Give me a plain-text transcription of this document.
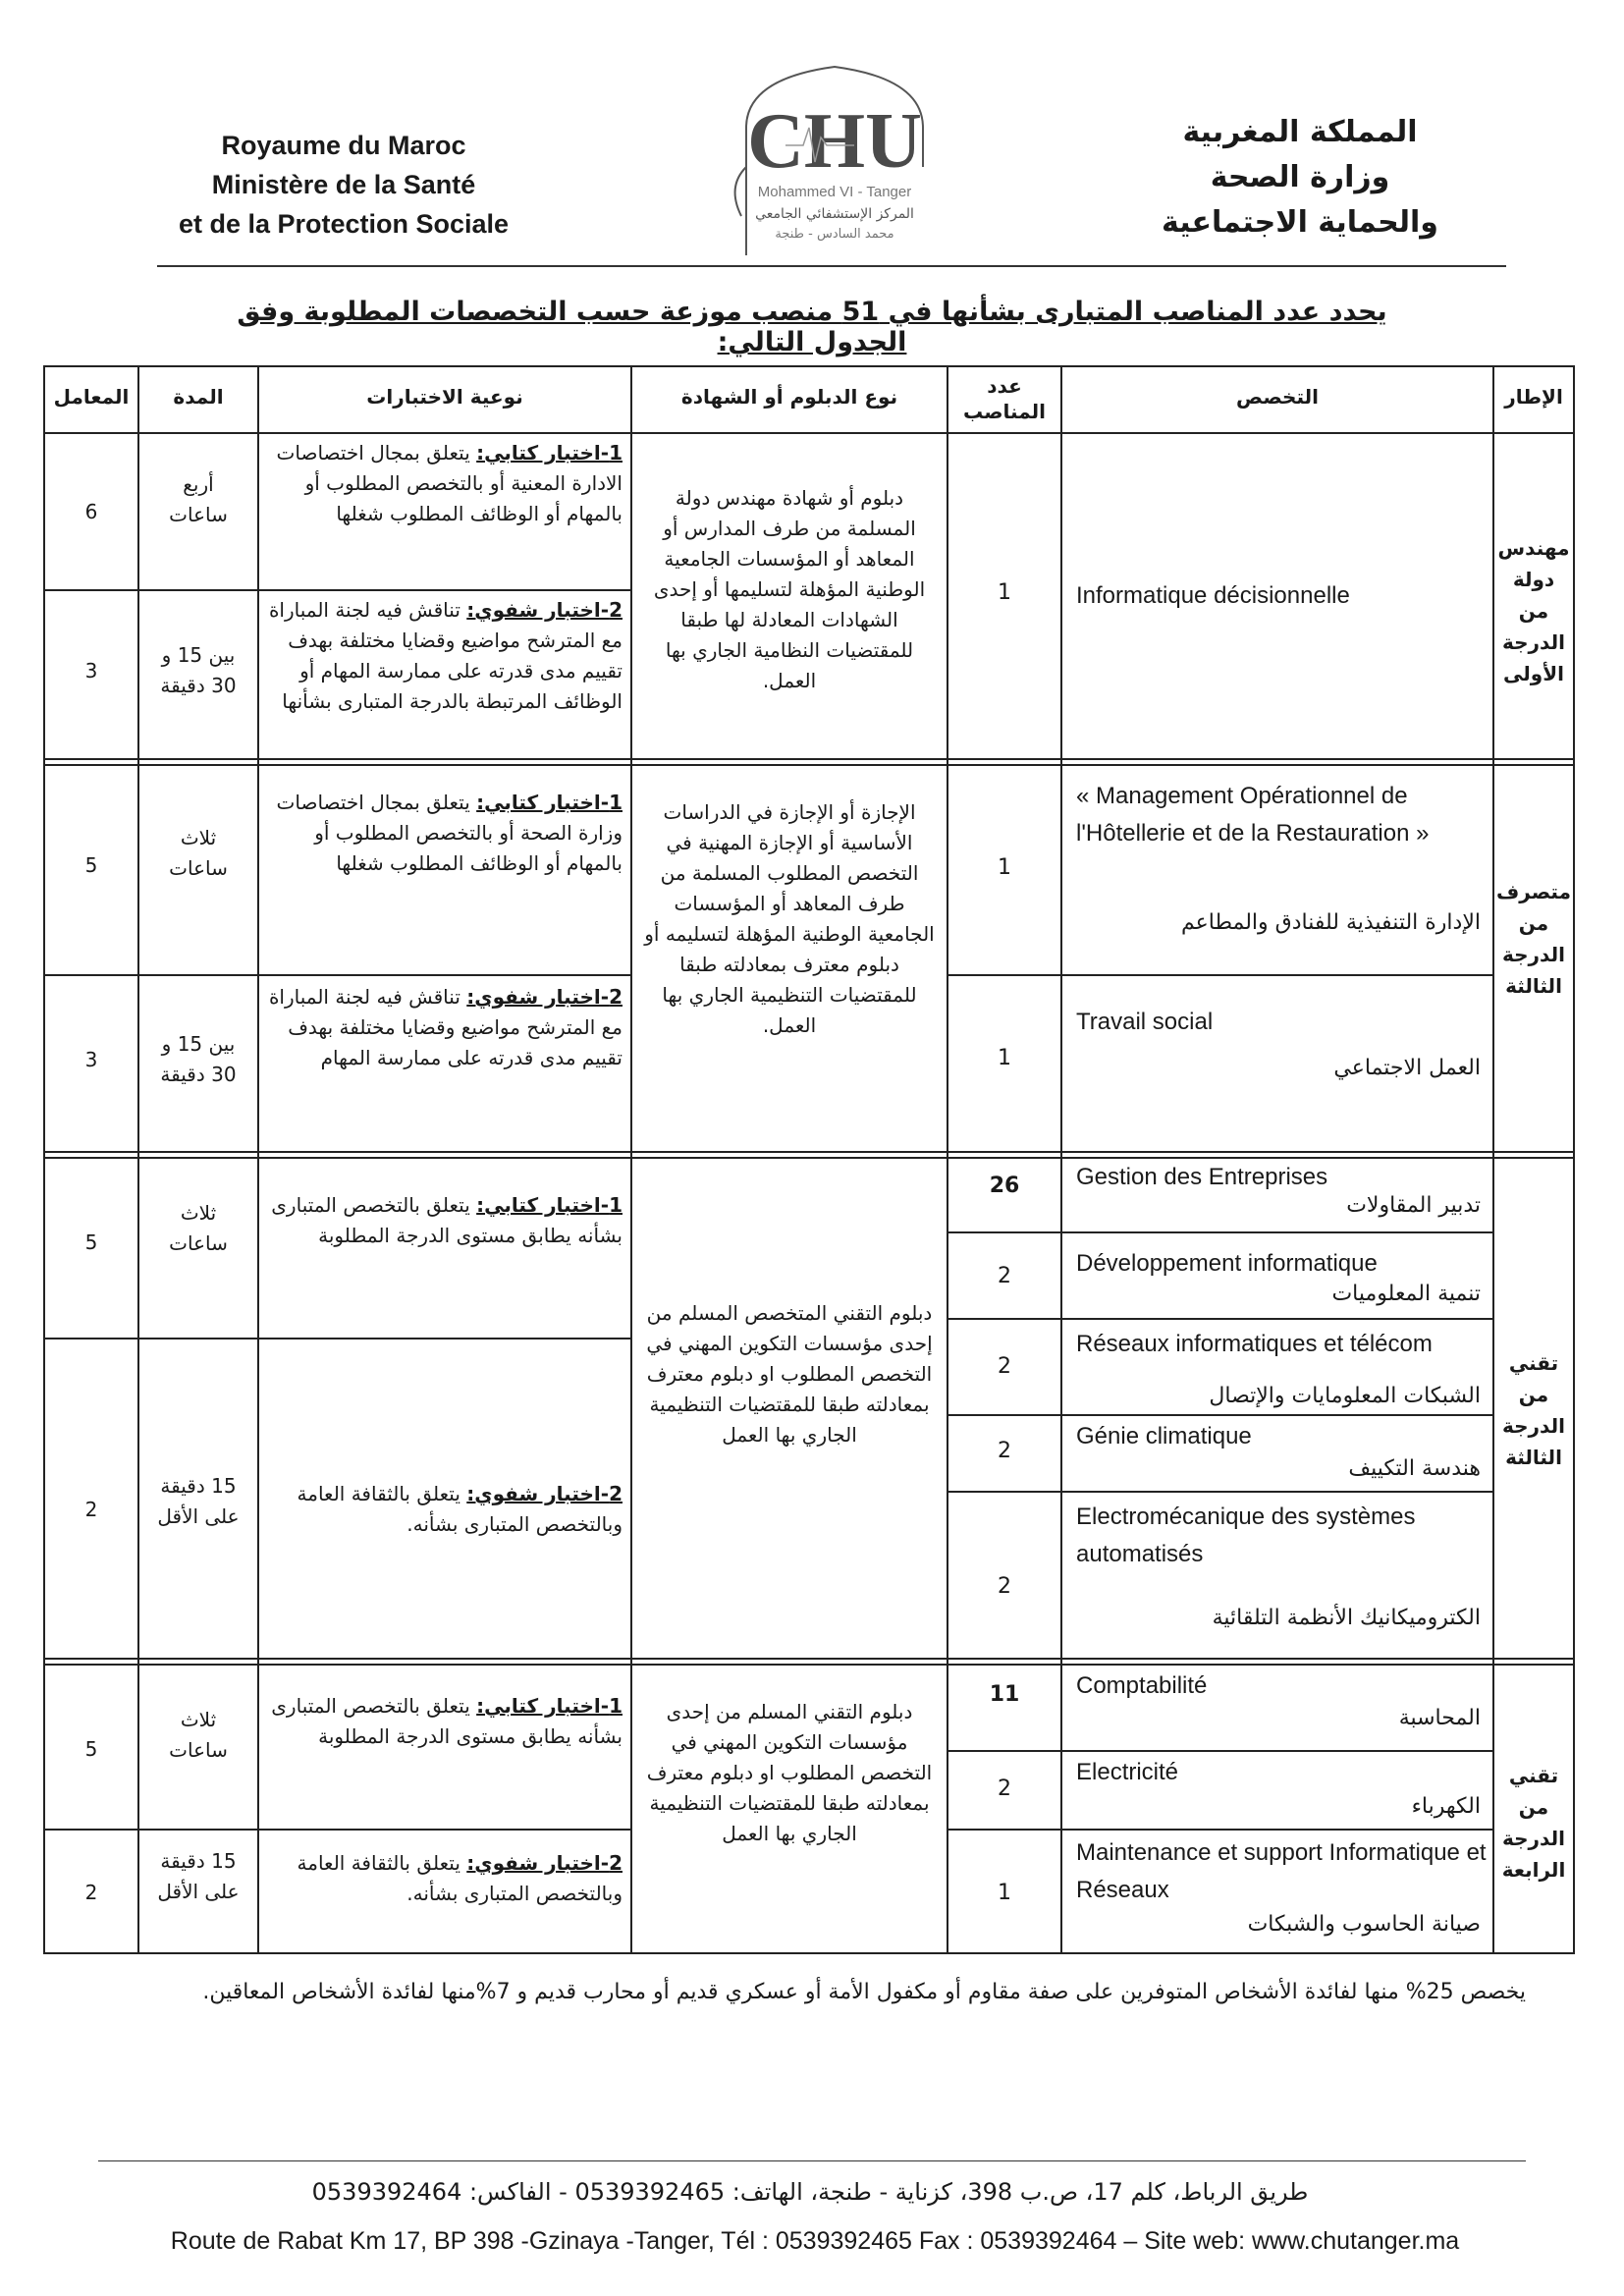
Royaume du Maroc
Ministère de la Santé
et de la Protection Sociale
CHU
Mohammed VI - Tanger
المركز الإستشفائي الجامعي
محمد السادس - طنجة
المملكة المغربية
وزارة الصحة
والحماية الاجتماعية
يحدد عدد المناصب المتبارى بشأنها في 51 منصب موزعة حسب التخصصات المطلوبة وفق الجدول التالي:
الإطار
التخصص
عدد المناصب
نوع الدبلوم أو الشهادة
نوعية الاختبارات
المدة
المعامل
مهندس دولة من الدرجة الأولى
Informatique décisionnelle
1
دبلوم أو شهادة مهندس دولة المسلمة من طرف المدارس أو المعاهد أو المؤسسات الجامعية الوطنية المؤهلة لتسليمها أو إحدى الشهادات المعادلة لها طبقا للمقتضيات النظامية الجاري بها العمل.
1-اختبار كتابي: يتعلق بمجال اختصاصات الادارة المعنية أو بالتخصص المطلوب أو بالمهام أو الوظائف المطلوب شغلها
2-اختبار شفوي: تناقش فيه لجنة المباراة مع المترشح مواضيع وقضايا مختلفة بهدف تقييم مدى قدرته على ممارسة المهام أو الوظائف المرتبطة بالدرجة المتبارى بشأنها
أربع ساعات
بين 15 و 30 دقيقة
6
3
متصرف من الدرجة الثالثة
« Management Opérationnel de l'Hôtellerie et de la Restauration »
الإدارة التنفيذية للفنادق والمطاعم
1
Travail social
العمل الاجتماعي
1
الإجازة أو الإجازة في الدراسات الأساسية أو الإجازة المهنية في التخصص المطلوب المسلمة من طرف المعاهد أو المؤسسات الجامعية الوطنية المؤهلة لتسليمه أو دبلوم معترف بمعادلته طبقا للمقتضيات التنظيمية الجاري بها العمل.
1-اختبار كتابي: يتعلق بمجال اختصاصات وزارة الصحة أو بالتخصص المطلوب أو بالمهام أو الوظائف المطلوب شغلها
2-اختبار شفوي: تناقش فيه لجنة المباراة مع المترشح مواضيع وقضايا مختلفة بهدف تقييم مدى قدرته على ممارسة المهام
ثلاث ساعات
بين 15 و 30 دقيقة
5
3
تقني من الدرجة الثالثة
Gestion des Entreprises
تدبير المقاولات
26
Développement informatique
تنمية المعلوميات
2
Réseaux informatiques et télécom
الشبكات المعلومايات والإتصال
2
Génie climatique
هندسة التكييف
2
Electromécanique des systèmes automatisés
الكتروميكانيك الأنظمة التلقائية
2
دبلوم التقني المتخصص المسلم من إحدى مؤسسات التكوين المهني في التخصص المطلوب او دبلوم معترف بمعادلته طبقا للمقتضيات التنظيمية الجاري بها العمل
1-اختبار كتابي: يتعلق بالتخصص المتبارى بشأنه يطابق مستوى الدرجة المطلوبة
2-اختبار شفوي: يتعلق بالثقافة العامة وبالتخصص المتبارى بشأنه.
ثلاث ساعات
15 دقيقة على الأقل
5
2
تقني من الدرجة الرابعة
Comptabilité
المحاسبة
11
Electricité
الكهرباء
2
Maintenance et support Informatique et Réseaux
صيانة الحاسوب والشبكات
1
دبلوم التقني المسلم من إحدى مؤسسات التكوين المهني في التخصص المطلوب او دبلوم معترف بمعادلته طبقا للمقتضيات التنظيمية الجاري بها العمل
1-اختبار كتابي: يتعلق بالتخصص المتبارى بشأنه يطابق مستوى الدرجة المطلوبة
2-اختبار شفوي: يتعلق بالثقافة العامة وبالتخصص المتبارى بشأنه.
ثلاث ساعات
15 دقيقة على الأقل
5
2
يخصص 25% منها لفائدة الأشخاص المتوفرين على صفة مقاوم أو مكفول الأمة أو عسكري قديم أو محارب قديم و 7%منها لفائدة الأشخاص المعاقين.
طريق الرباط، كلم 17، ص.ب 398، كزناية - طنجة، الهاتف: 0539392465 - الفاكس: 0539392464
Route de Rabat Km 17, BP 398 -Gzinaya -Tanger, Tél : 0539392465 Fax : 0539392464 – Site web: www.chutanger.ma
